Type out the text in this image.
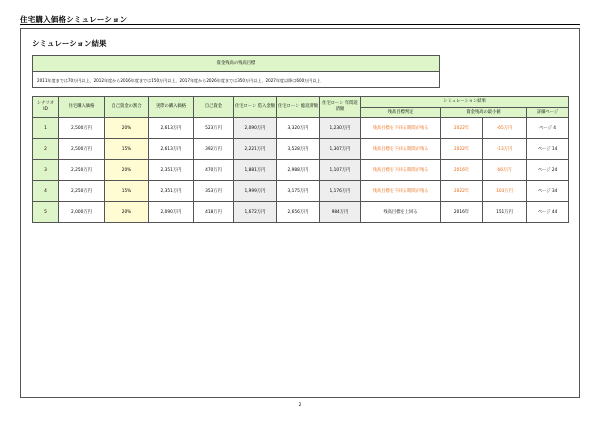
住宅購入価格シミュレーション
シミュレーション結果
資金残高の残高目標
2011年度までは70万円以上、2012年度から2016年度までは150万円以上、2017年度から2026年度までは350万円以上、2027年度以降は600万円以上
シナリオ ID	住宅購入価格	自己資金の割合	実際の購入価格	自己資金	住宅ローン 借入金額	住宅ローン 総返済額	住宅ローン 年間返済額	シミュレーション結果			
								残高目標判定	資金残高の最小値		詳細ページ
1	2,500万円	20%	2,613万円	523万円	2,090万円	3,320万円	1,230万円	残高目標を下回る期間が残る	2022年	-65万円	ページ 4
2	2,500万円	15%	2,613万円	392万円	2,221万円	3,528万円	1,307万円	残高目標を下回る期間が残る	2022年	-13万円	ページ 14
3	2,250万円	20%	2,351万円	470万円	1,881万円	2,988万円	1,107万円	残高目標を下回る期間が残る	2016年	66万円	ページ 24
4	2,250万円	15%	2,351万円	353万円	1,999万円	3,175万円	1,176万円	残高目標を下回る期間が残る	2022年	103万円	ページ 34
5	2,000万円	20%	2,090万円	418万円	1,672万円	2,656万円	984万円	残高目標を上回る	2016年	151万円	ページ 44
2
